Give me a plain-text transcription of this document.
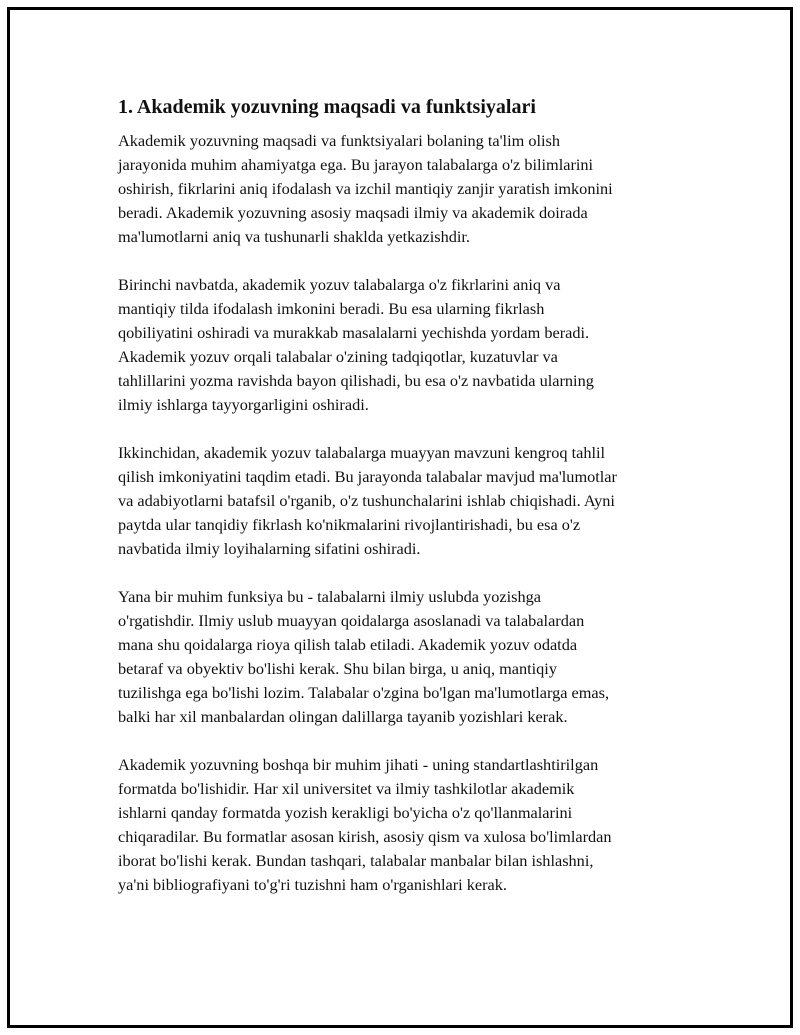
1. Akademik yozuvning maqsadi va funktsiyalari

Akademik yozuvning maqsadi va funktsiyalari bolaning ta'lim olish
jarayonida muhim ahamiyatga ega. Bu jarayon talabalarga o'z bilimlarini
oshirish, fikrlarini aniq ifodalash va izchil mantiqiy zanjir yaratish imkonini
beradi. Akademik yozuvning asosiy maqsadi ilmiy va akademik doirada
ma'lumotlarni aniq va tushunarli shaklda yetkazishdir.

Birinchi navbatda, akademik yozuv talabalarga o'z fikrlarini aniq va
mantiqiy tilda ifodalash imkonini beradi. Bu esa ularning fikrlash
qobiliyatini oshiradi va murakkab masalalarni yechishda yordam beradi.
Akademik yozuv orqali talabalar o'zining tadqiqotlar, kuzatuvlar va
tahlillarini yozma ravishda bayon qilishadi, bu esa o'z navbatida ularning
ilmiy ishlarga tayyorgarligini oshiradi.

Ikkinchidan, akademik yozuv talabalarga muayyan mavzuni kengroq tahlil
qilish imkoniyatini taqdim etadi. Bu jarayonda talabalar mavjud ma'lumotlar
va adabiyotlarni batafsil o'rganib, o'z tushunchalarini ishlab chiqishadi. Ayni
paytda ular tanqidiy fikrlash ko'nikmalarini rivojlantirishadi, bu esa o'z
navbatida ilmiy loyihalarning sifatini oshiradi.

Yana bir muhim funksiya bu - talabalarni ilmiy uslubda yozishga
o'rgatishdir. Ilmiy uslub muayyan qoidalarga asoslanadi va talabalardan
mana shu qoidalarga rioya qilish talab etiladi. Akademik yozuv odatda
betaraf va obyektiv bo'lishi kerak. Shu bilan birga, u aniq, mantiqiy
tuzilishga ega bo'lishi lozim. Talabalar o'zgina bo'lgan ma'lumotlarga emas,
balki har xil manbalardan olingan dalillarga tayanib yozishlari kerak.

Akademik yozuvning boshqa bir muhim jihati - uning standartlashtirilgan
formatda bo'lishidir. Har xil universitet va ilmiy tashkilotlar akademik
ishlarni qanday formatda yozish kerakligi bo'yicha o'z qo'llanmalarini
chiqaradilar. Bu formatlar asosan kirish, asosiy qism va xulosa bo'limlardan
iborat bo'lishi kerak. Bundan tashqari, talabalar manbalar bilan ishlashni,
ya'ni bibliografiyani to'g'ri tuzishni ham o'rganishlari kerak.
